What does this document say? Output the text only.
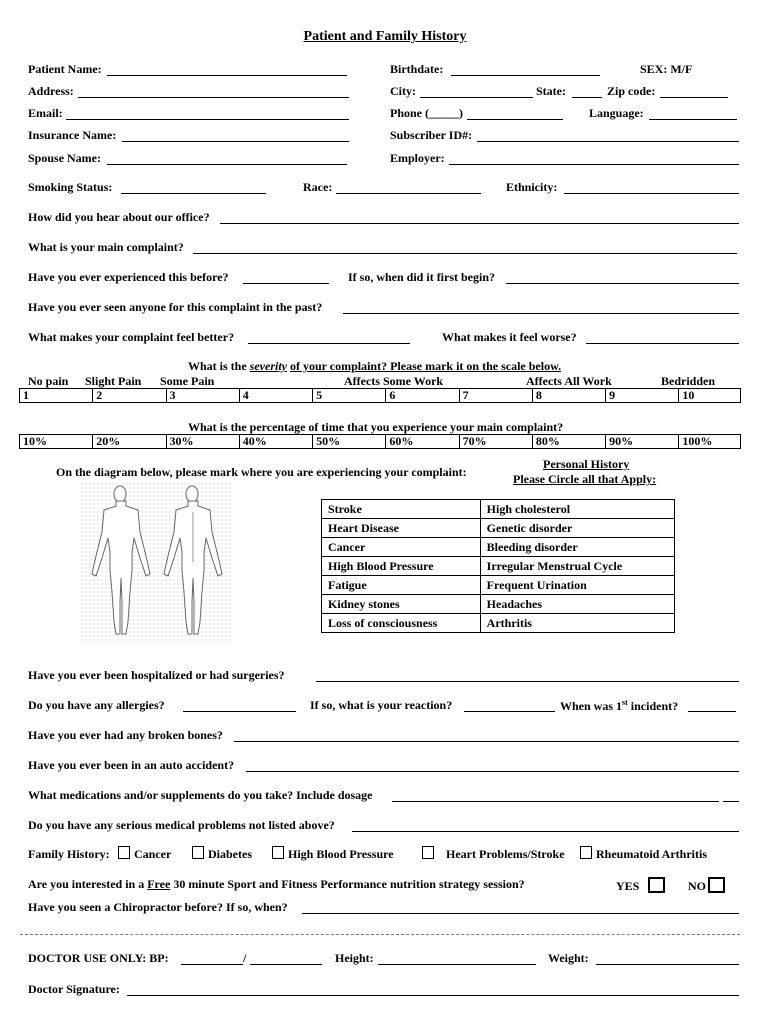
Patient and Family History
Patient Name:	Birthdate:	SEX: M/F
Address:	City:	State:	Zip code:
Email:	Phone (_____)	Language:
Insurance Name:	Subscriber ID#:
Spouse Name:	Employer:
Smoking Status:	Race:	Ethnicity:
How did you hear about our office?
What is your main complaint?
Have you ever experienced this before?	If so, when did it first begin?
Have you ever seen anyone for this complaint in the past?
What makes your complaint feel better?	What makes it feel worse?
What is the severity of your complaint? Please mark it on the scale below.
No pain Slight Pain Some Pain	Affects Some Work	Affects All Work	Bedridden
1	2	3	4	5	6	7	8	9	10
What is the percentage of time that you experience your main complaint?
10%	20%	30%	40%	50%	60%	70%	80%	90%	100%
On the diagram below, please mark where you are experiencing your complaint:
Personal History
Please Circle all that Apply:
Stroke	High cholesterol
Heart Disease	Genetic disorder
Cancer	Bleeding disorder
High Blood Pressure	Irregular Menstrual Cycle
Fatigue	Frequent Urination
Kidney stones	Headaches
Loss of consciousness	Arthritis
Have you ever been hospitalized or had surgeries?
Do you have any allergies?	If so, what is your reaction?	When was 1st incident?
Have you ever had any broken bones?
Have you ever been in an auto accident?
What medications and/or supplements do you take? Include dosage
Do you have any serious medical problems not listed above?
Family History:	Cancer	Diabetes	High Blood Pressure	Heart Problems/Stroke	Rheumatoid Arthritis
Are you interested in a Free 30 minute Sport and Fitness Performance nutrition strategy session?	YES	NO
Have you seen a Chiropractor before? If so, when?
DOCTOR USE ONLY: BP:	/	Height:	Weight:
Doctor Signature:
